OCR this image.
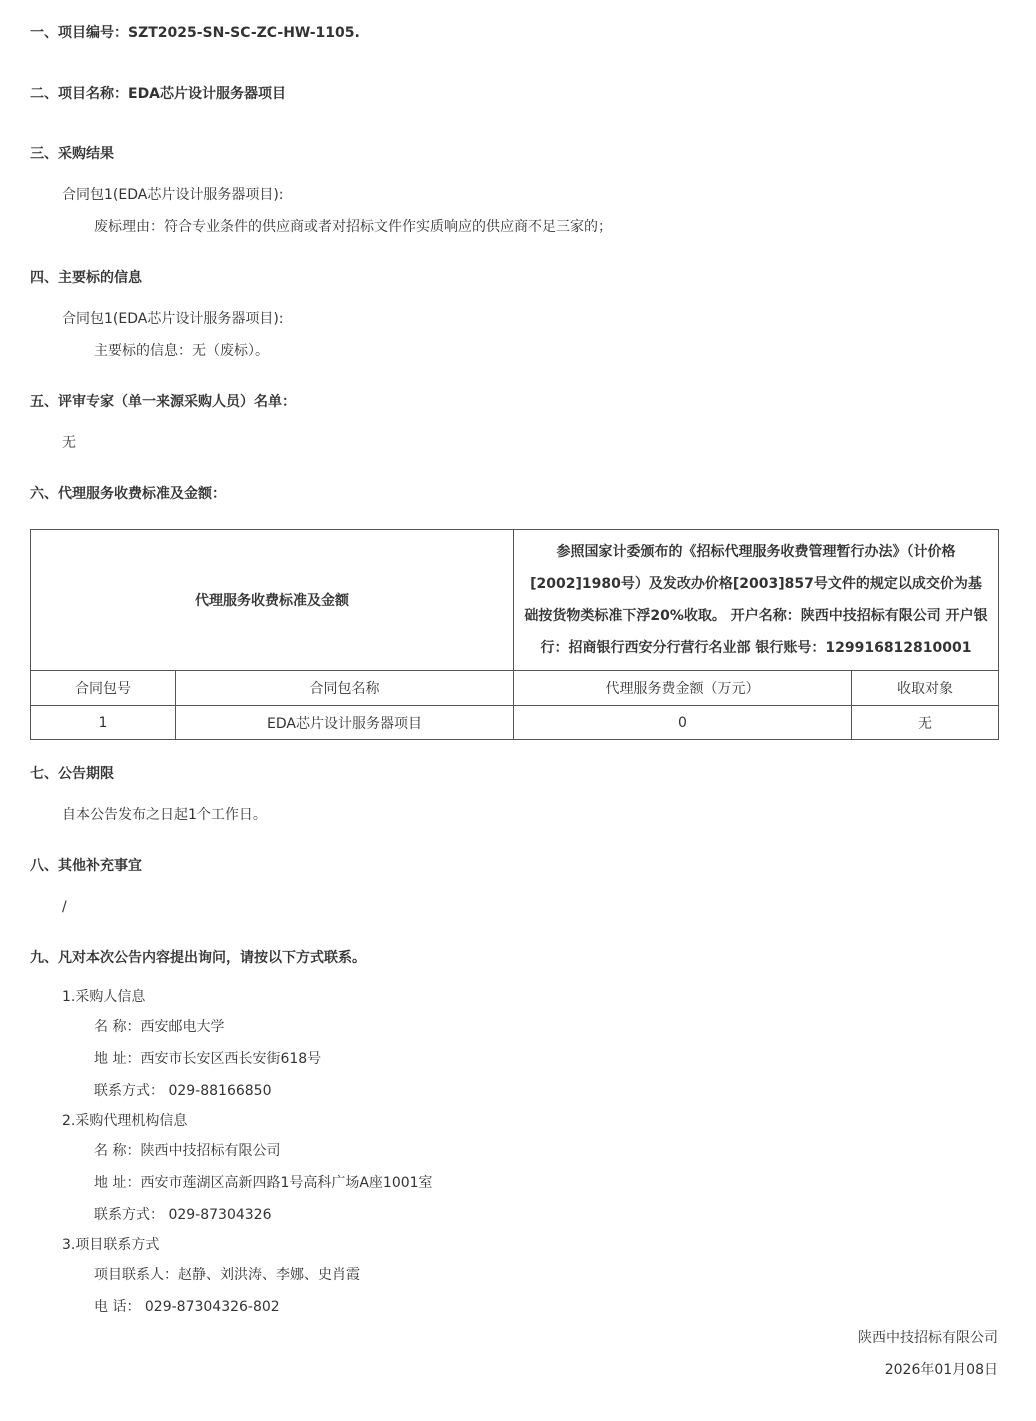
一、项目编号：SZT2025-SN-SC-ZC-HW-1105.
二、项目名称：EDA芯片设计服务器项目
三、采购结果
合同包1(EDA芯片设计服务器项目):
废标理由：符合专业条件的供应商或者对招标文件作实质响应的供应商不足三家的；
四、主要标的信息
合同包1(EDA芯片设计服务器项目):
主要标的信息：无（废标）。
五、评审专家（单一来源采购人员）名单：
无
六、代理服务收费标准及金额：
代理服务收费标准及金额		参照国家计委颁布的《招标代理服务收费管理暂行办法》（计价格[2002]1980号）及发改办价格[2003]857号文件的规定以成交价为基础按货物类标准下浮20%收取。 开户名称：陕西中技招标有限公司 开户银行：招商银行西安分行营行名业部 银行账号：129916812810001	
合同包号	合同包名称	代理服务费金额（万元）	收取对象
1	EDA芯片设计服务器项目	0	无
七、公告期限
自本公告发布之日起1个工作日。
八、其他补充事宜
/
九、凡对本次公告内容提出询问，请按以下方式联系。
1.采购人信息
名 称：西安邮电大学
地 址：西安市长安区西长安街618号
联系方式： 029-88166850
2.采购代理机构信息
名 称：陕西中技招标有限公司
地 址：西安市莲湖区高新四路1号高科广场A座1001室
联系方式： 029-87304326
3.项目联系方式
项目联系人：赵静、刘洪涛、李娜、史肖霞
电 话： 029-87304326-802
陕西中技招标有限公司
2026年01月08日
